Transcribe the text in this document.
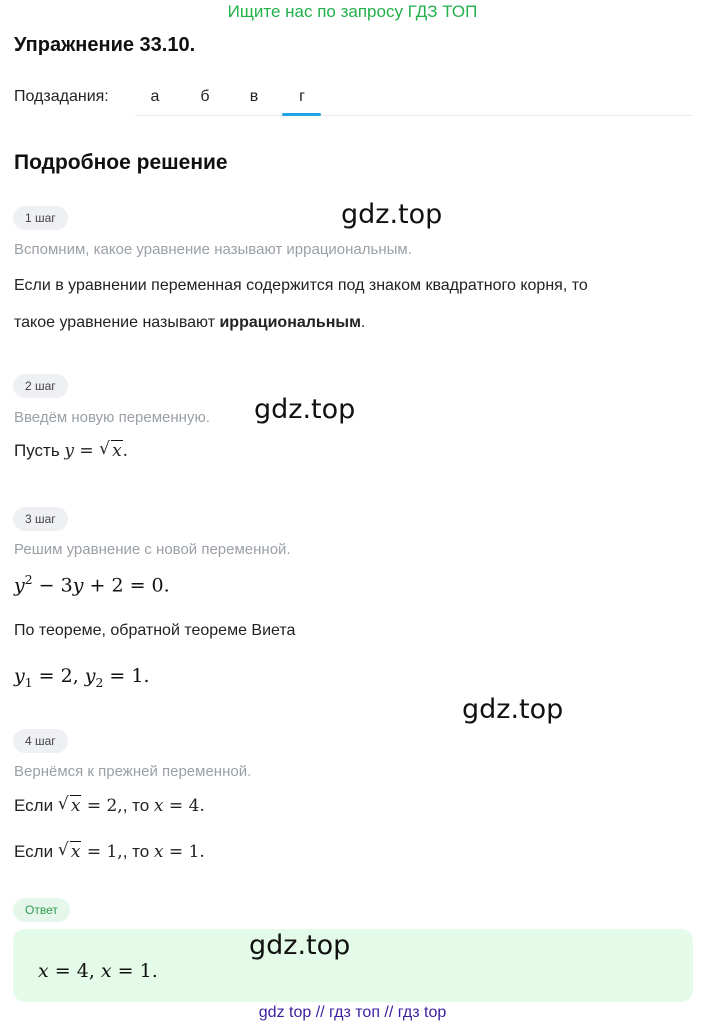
Ищите нас по запросу ГДЗ ТОП
Упражнение 33.10.
Подзадания:	а	б	в	г
Подробное решение
1 шаг
Вспомним, какое уравнение называют иррациональным.
Если в уравнении переменная содержится под знаком квадратного корня, то
такое уравнение называют иррациональным.
2 шаг
Введём новую переменную.
Пусть y = √ x.
3 шаг
Решим уравнение с новой переменной.
$y^2 - 3y + 2 = 0$.
По теореме, обратной теореме Виета
$y_1 = 2$, $y_2 = 1$.
4 шаг
Вернёмся к прежней переменной.
Если √ x = 2,, то x = 4.
Если √ x = 1,, то x = 1.
Ответ
x = 4, x = 1.
gdz.top
gdz.top
gdz.top
gdz.top
gdz top // гдз топ // гдз top
